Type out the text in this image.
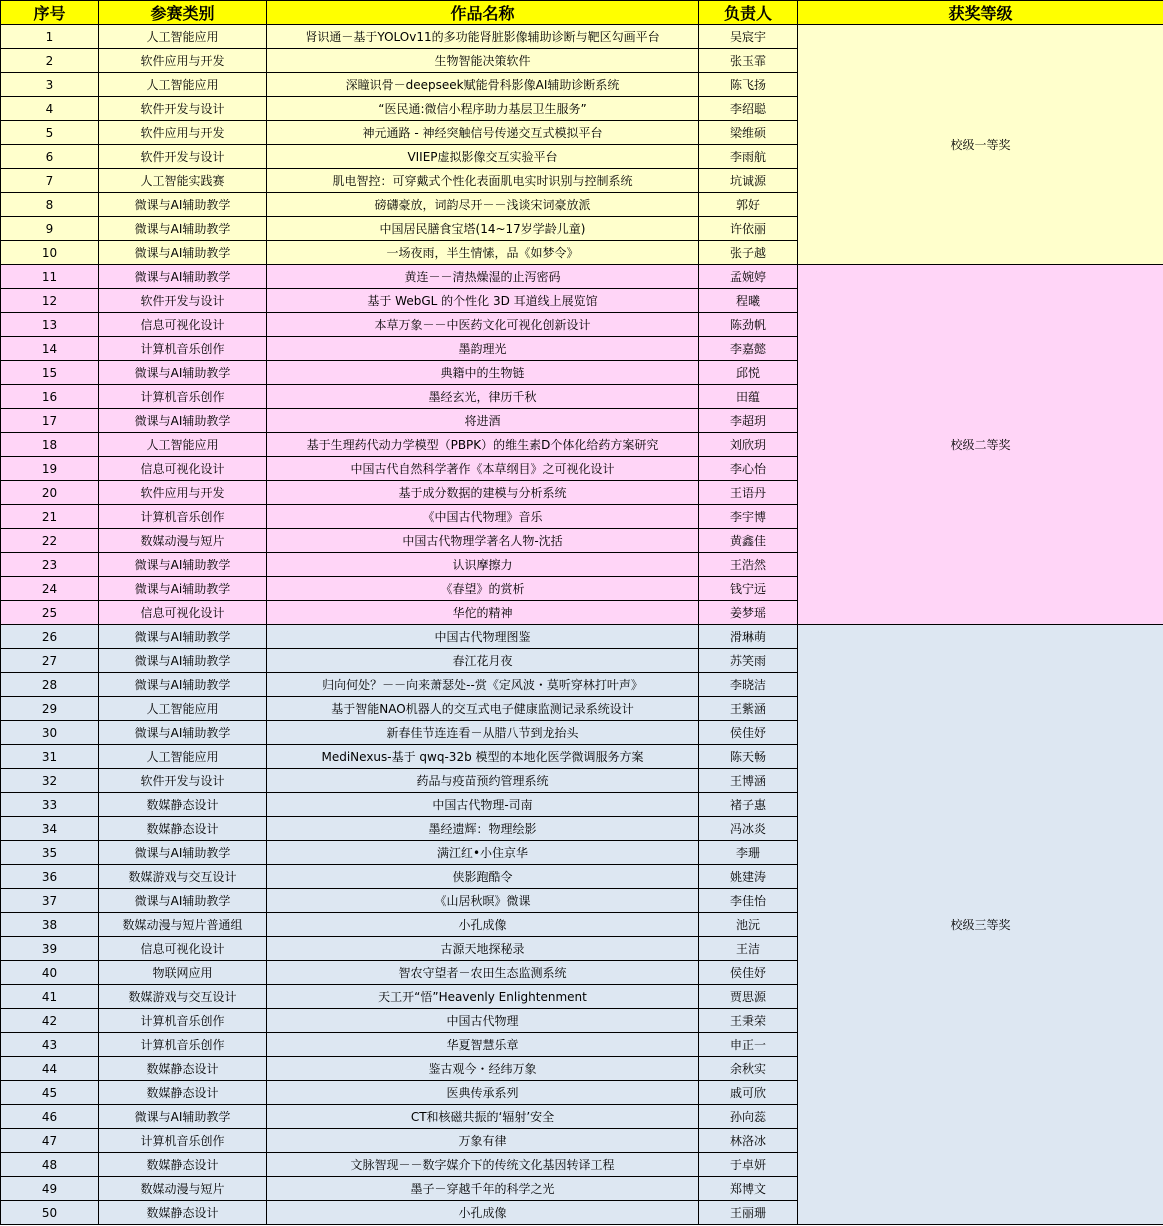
序号	参赛类别	作品名称	负责人	获奖等级
1	人工智能应用	肾识通－基于YOLOv11的多功能肾脏影像辅助诊断与靶区勾画平台	吴宸宇	校级一等奖
2	软件应用与开发	生物智能决策软件	张玉霏	
3	人工智能应用	深瞳识骨－deepseek赋能骨科影像AI辅助诊断系统	陈飞扬	
4	软件开发与设计	“医民通:微信小程序助力基层卫生服务”	李绍聪	
5	软件应用与开发	神元通路 - 神经突触信号传递交互式模拟平台	梁维硕	
6	软件开发与设计	VIIEP虚拟影像交互实验平台	李雨航	
7	人工智能实践赛	肌电智控：可穿戴式个性化表面肌电实时识别与控制系统	坑诚源	
8	微课与AI辅助教学	磅礴豪放，词韵尽开－－浅谈宋词豪放派	郭好	
9	微课与AI辅助教学	中国居民膳食宝塔(14~17岁学龄儿童)	许依丽	
10	微课与AI辅助教学	一场夜雨，半生情愫，品《如梦令》	张子越	
11	微课与AI辅助教学	黄连－－清热燥湿的止泻密码	孟婉婷	校级二等奖
12	软件开发与设计	基于 WebGL 的个性化 3D 耳道线上展览馆	程曦	
13	信息可视化设计	本草万象－－中医药文化可视化创新设计	陈劲帆	
14	计算机音乐创作	墨韵理光	李嘉懿	
15	微课与AI辅助教学	典籍中的生物链	邱悦	
16	计算机音乐创作	墨经玄光，律历千秋	田蕴	
17	微课与AI辅助教学	将进酒	李超玥	
18	人工智能应用	基于生理药代动力学模型（PBPK）的维生素D个体化给药方案研究	刘欣玥	
19	信息可视化设计	中国古代自然科学著作《本草纲目》之可视化设计	李心怡	
20	软件应用与开发	基于成分数据的建模与分析系统	王语丹	
21	计算机音乐创作	《中国古代物理》音乐	李宇博	
22	数媒动漫与短片	中国古代物理学著名人物-沈括	黄鑫佳	
23	微课与AI辅助教学	认识摩擦力	王浩然	
24	微课与Ai辅助教学	《春望》的赏析	钱宁远	
25	信息可视化设计	华佗的精神	姜梦瑶	
26	微课与AI辅助教学	中国古代物理图鉴	滑琳萌	校级三等奖
27	微课与AI辅助教学	春江花月夜	苏笑雨	
28	微课与AI辅助教学	归向何处？－－向来萧瑟处--赏《定风波・莫听穿林打叶声》	李晓洁	
29	人工智能应用	基于智能NAO机器人的交互式电子健康监测记录系统设计	王紫涵	
30	微课与AI辅助教学	新春佳节连连看－从腊八节到龙抬头	侯佳妤	
31	人工智能应用	MediNexus-基于 qwq-32b 模型的本地化医学微调服务方案	陈天畅	
32	软件开发与设计	药品与疫苗预约管理系统	王博涵	
33	数媒静态设计	中国古代物理-司南	褚子惠	
34	数媒静态设计	墨经遗辉：物理绘影	冯冰炎	
35	微课与AI辅助教学	满江红•小住京华	李珊	
36	数媒游戏与交互设计	侠影跑酷令	姚建涛	
37	微课与AI辅助教学	《山居秋暝》微课	李佳怡	
38	数媒动漫与短片普通组	小孔成像	池沅	
39	信息可视化设计	古源天地探秘录	王洁	
40	物联网应用	智农守望者－农田生态监测系统	侯佳妤	
41	数媒游戏与交互设计	天工开“悟”Heavenly Enlightenment	贾思源	
42	计算机音乐创作	中国古代物理	王秉荣	
43	计算机音乐创作	华夏智慧乐章	申正一	
44	数媒静态设计	鉴古观今・经纬万象	余秋实	
45	数媒静态设计	医典传承系列	戚可欣	
46	微课与AI辅助教学	CT和核磁共振的‘辐射’安全	孙向蕊	
47	计算机音乐创作	万象有律	林洛冰	
48	数媒静态设计	文脉智现－－数字媒介下的传统文化基因转译工程	于卓妍	
49	数媒动漫与短片	墨子－穿越千年的科学之光	郑博文	
50	数媒静态设计	小孔成像	王丽珊	
